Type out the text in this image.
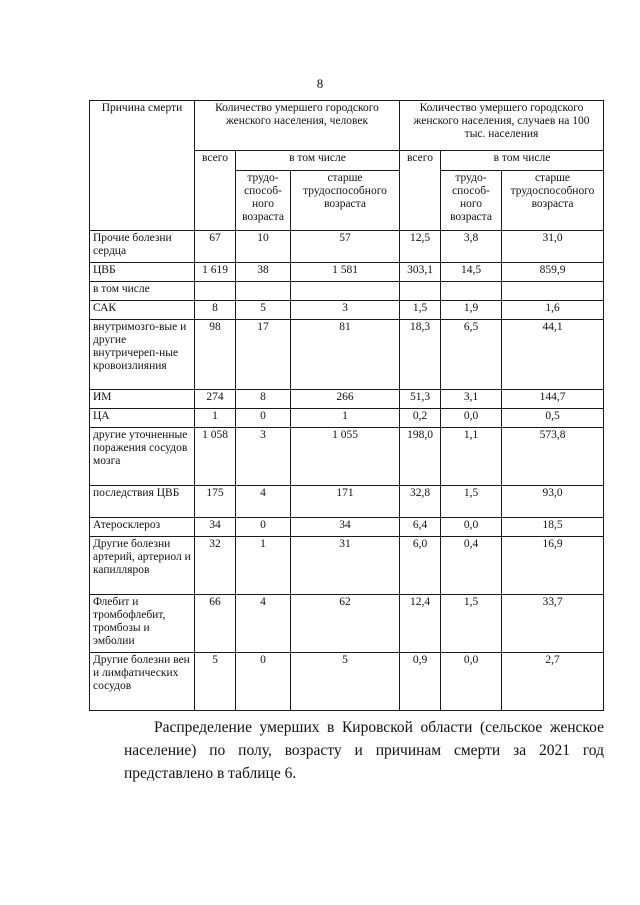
8
Причина смерти	Количество умершего городского женского населения, человек			Количество умершего городского женского населения, случаев на 100 тыс. населения		
	всего	в том числе		всего	в том числе	
		трудо-способ-ного возраста	старше трудоспособного возраста		трудо-способ-ного возраста	старше трудоспособного возраста
Прочие болезни сердца	67	10	57	12,5	3,8	31,0
ЦВБ	1 619	38	1 581	303,1	14,5	859,9
в том числе						
САК	8	5	3	1,5	1,9	1,6
внутримозго-вые и другие внутричереп-ные кровоизлияния	98	17	81	18,3	6,5	44,1
ИМ	274	8	266	51,3	3,1	144,7
ЦА	1	0	1	0,2	0,0	0,5
другие уточненные поражения сосудов мозга	1 058	3	1 055	198,0	1,1	573,8
последствия ЦВБ	175	4	171	32,8	1,5	93,0
Атеросклероз	34	0	34	6,4	0,0	18,5
Другие болезни артерий, артериол и капилляров	32	1	31	6,0	0,4	16,9
Флебит и тромбофлебит, тромбозы и эмболии	66	4	62	12,4	1,5	33,7
Другие болезни вен и лимфатических сосудов	5	0	5	0,9	0,0	2,7

Распределение умерших в Кировской области (сельское женское население) по полу, возрасту и причинам смерти за 2021 год представлено в таблице 6.
